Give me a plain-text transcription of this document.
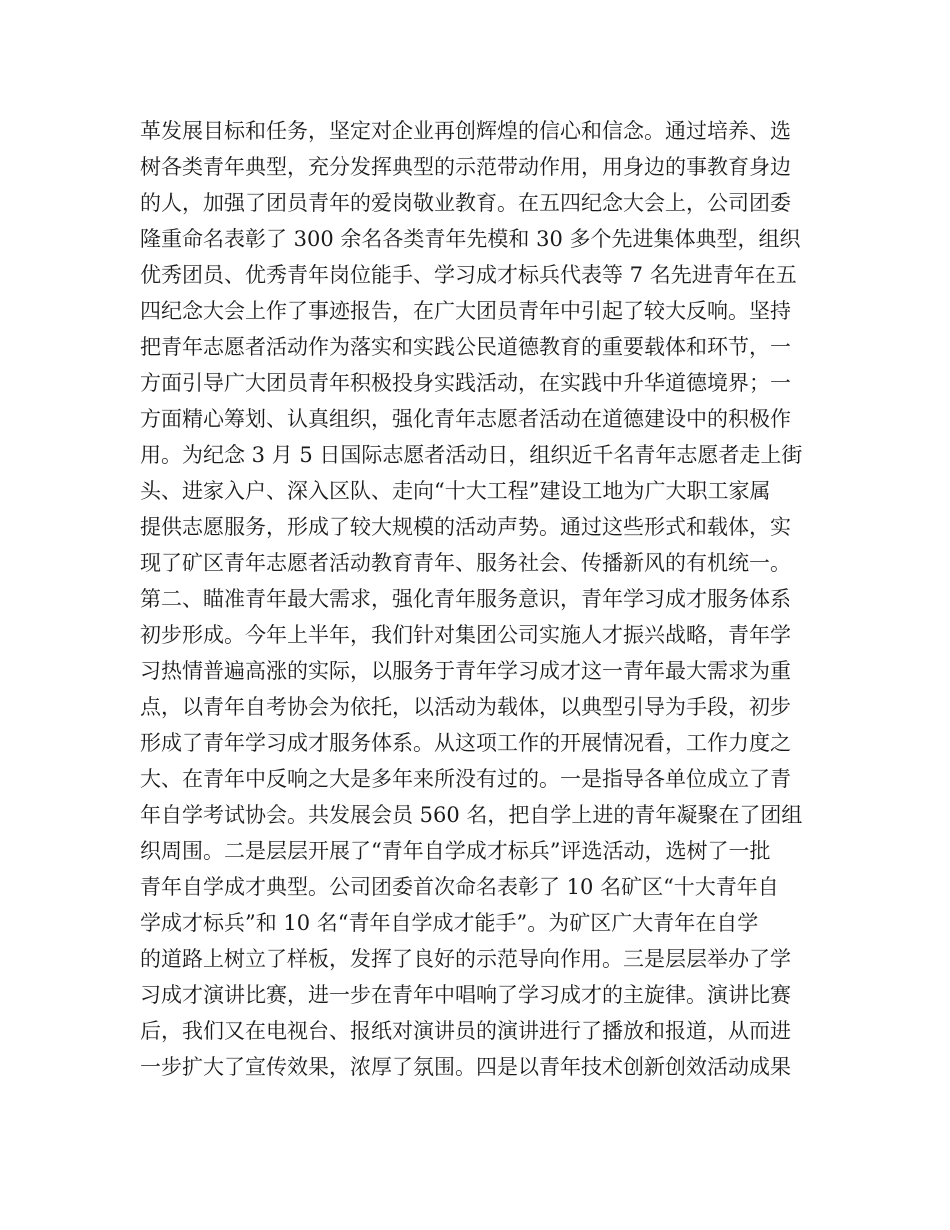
革发展目标和任务，坚定对企业再创辉煌的信心和信念。通过培养、选
树各类青年典型，充分发挥典型的示范带动作用，用身边的事教育身边
的人，加强了团员青年的爱岗敬业教育。在五四纪念大会上，公司团委
隆重命名表彰了 300 余名各类青年先模和 30 多个先进集体典型，组织
优秀团员、优秀青年岗位能手、学习成才标兵代表等 7 名先进青年在五
四纪念大会上作了事迹报告，在广大团员青年中引起了较大反响。坚持
把青年志愿者活动作为落实和实践公民道德教育的重要载体和环节，一
方面引导广大团员青年积极投身实践活动，在实践中升华道德境界；一
方面精心筹划、认真组织，强化青年志愿者活动在道德建设中的积极作
用。为纪念 3 月 5 日国际志愿者活动日，组织近千名青年志愿者走上街
头、进家入户、深入区队、走向“十大工程”建设工地为广大职工家属
提供志愿服务，形成了较大规模的活动声势。通过这些形式和载体，实
现了矿区青年志愿者活动教育青年、服务社会、传播新风的有机统一。
第二、瞄准青年最大需求，强化青年服务意识，青年学习成才服务体系
初步形成。今年上半年，我们针对集团公司实施人才振兴战略，青年学
习热情普遍高涨的实际，以服务于青年学习成才这一青年最大需求为重
点，以青年自考协会为依托，以活动为载体，以典型引导为手段，初步
形成了青年学习成才服务体系。从这项工作的开展情况看，工作力度之
大、在青年中反响之大是多年来所没有过的。一是指导各单位成立了青
年自学考试协会。共发展会员 560 名，把自学上进的青年凝聚在了团组
织周围。二是层层开展了“青年自学成才标兵”评选活动，选树了一批
青年自学成才典型。公司团委首次命名表彰了 10 名矿区“十大青年自
学成才标兵”和 10 名“青年自学成才能手”。为矿区广大青年在自学
的道路上树立了样板，发挥了良好的示范导向作用。三是层层举办了学
习成才演讲比赛，进一步在青年中唱响了学习成才的主旋律。演讲比赛
后，我们又在电视台、报纸对演讲员的演讲进行了播放和报道，从而进
一步扩大了宣传效果，浓厚了氛围。四是以青年技术创新创效活动成果
